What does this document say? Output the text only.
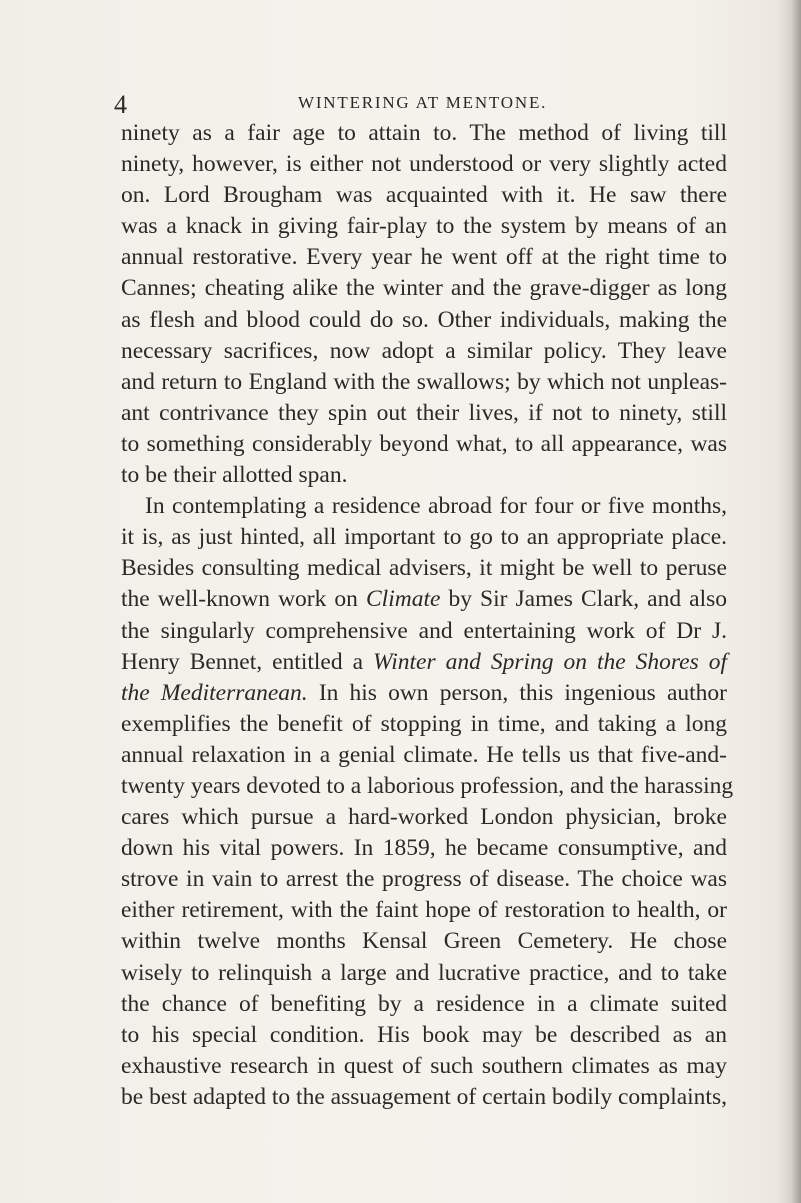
4	WINTERING AT MENTONE.
ninety as a fair age to attain to. The method of living till
ninety, however, is either not understood or very slightly acted
on. Lord Brougham was acquainted with it. He saw there
was a knack in giving fair-play to the system by means of an
annual restorative. Every year he went off at the right time to
Cannes; cheating alike the winter and the grave-digger as long
as flesh and blood could do so. Other individuals, making the
necessary sacrifices, now adopt a similar policy. They leave
and return to England with the swallows; by which not unpleas-
ant contrivance they spin out their lives, if not to ninety, still
to something considerably beyond what, to all appearance, was
to be their allotted span.
In contemplating a residence abroad for four or five months,
it is, as just hinted, all important to go to an appropriate place.
Besides consulting medical advisers, it might be well to peruse
the well-known work on Climate by Sir James Clark, and also
the singularly comprehensive and entertaining work of Dr J.
Henry Bennet, entitled a Winter and Spring on the Shores of
the Mediterranean. In his own person, this ingenious author
exemplifies the benefit of stopping in time, and taking a long
annual relaxation in a genial climate. He tells us that five-and-
twenty years devoted to a laborious profession, and the harassing
cares which pursue a hard-worked London physician, broke
down his vital powers. In 1859, he became consumptive, and
strove in vain to arrest the progress of disease. The choice was
either retirement, with the faint hope of restoration to health, or
within twelve months Kensal Green Cemetery. He chose
wisely to relinquish a large and lucrative practice, and to take
the chance of benefiting by a residence in a climate suited
to his special condition. His book may be described as an
exhaustive research in quest of such southern climates as may
be best adapted to the assuagement of certain bodily complaints,
